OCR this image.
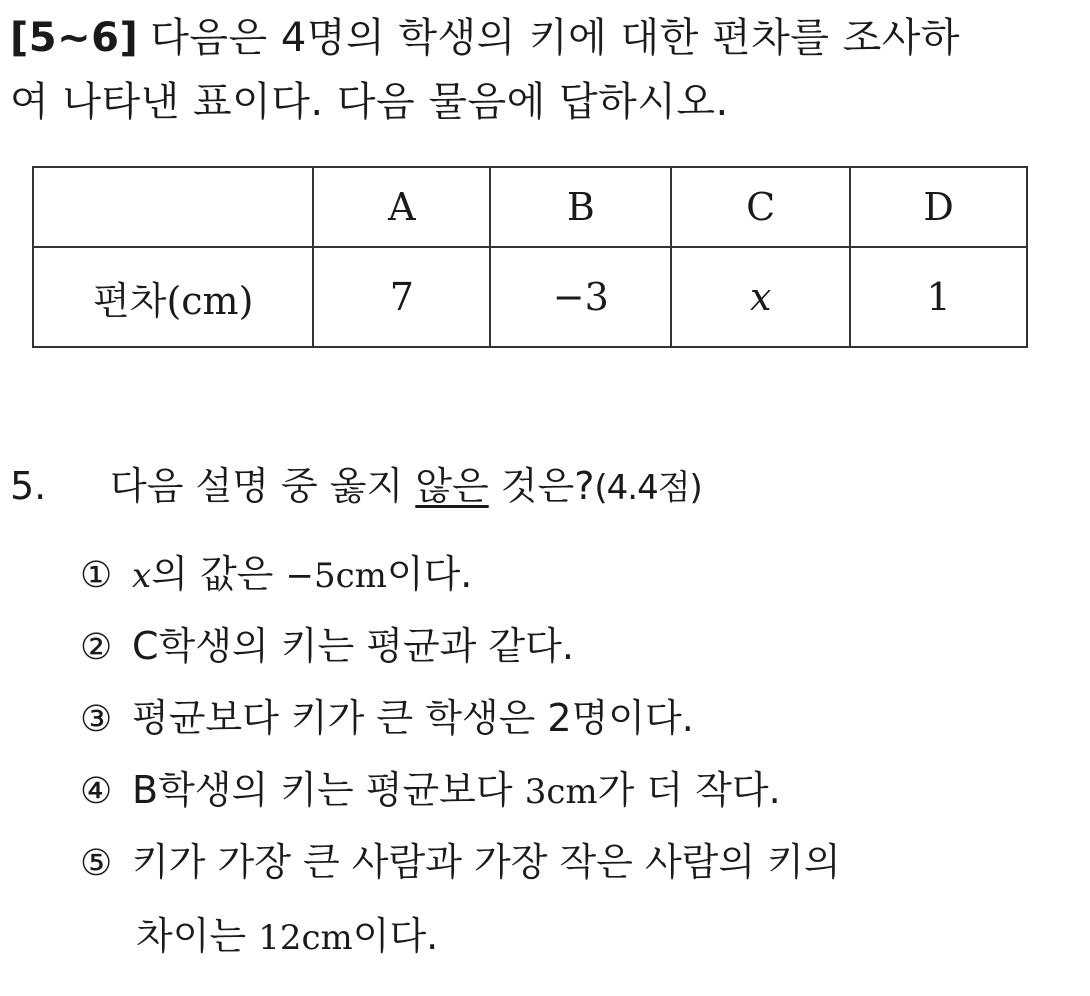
[5~6] 다음은 4명의 학생의 키에 대한 편차를 조사하
여 나타낸 표이다. 다음 물음에 답하시오.
	A	B	C	D
편차(cm)	7	−3	x	1
5. 다음 설명 중 옳지 않은 것은?(4.4점)
① x의 값은 −5cm이다.
② C학생의 키는 평균과 같다.
③ 평균보다 키가 큰 학생은 2명이다.
④ B학생의 키는 평균보다 3cm가 더 작다.
⑤ 키가 가장 큰 사람과 가장 작은 사람의 키의
차이는 12cm이다.
